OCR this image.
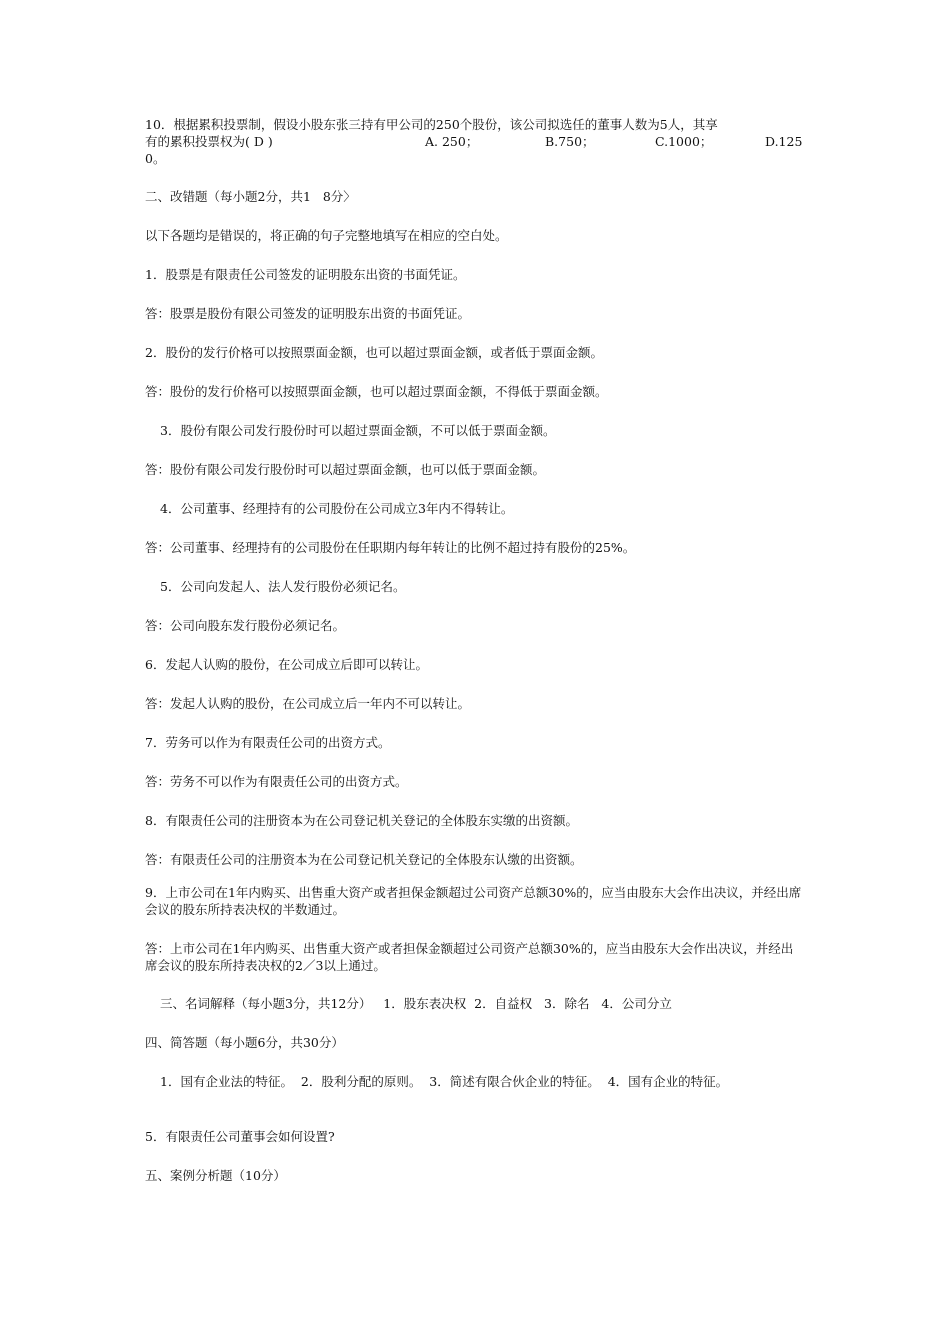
10．根据累积投票制，假设小股东张三持有甲公司的250个股份，该公司拟选任的董事人数为5人，其享
有的累积投票权为( D )	A. 250；	B.750；	C.1000；	D.125
0。
二、改错题（每小题2分，共1   8分〉
以下各题均是错误的，将正确的句子完整地填写在相应的空白处。
1．股票是有限责任公司签发的证明股东出资的书面凭证。
答：股票是股份有限公司签发的证明股东出资的书面凭证。
2．股份的发行价格可以按照票面金额，也可以超过票面金额，或者低于票面金额。
答：股份的发行价格可以按照票面金额，也可以超过票面金额，不得低于票面金额。
3．股份有限公司发行股份时可以超过票面金额，不可以低于票面金额。
答：股份有限公司发行股份时可以超过票面金额，也可以低于票面金额。
4．公司董事、经理持有的公司股份在公司成立3年内不得转让。
答：公司董事、经理持有的公司股份在任职期内每年转让的比例不超过持有股份的25%。
5．公司向发起人、法人发行股份必须记名。
答：公司向股东发行股份必须记名。
6．发起人认购的股份，在公司成立后即可以转让。
答：发起人认购的股份，在公司成立后一年内不可以转让。
7．劳务可以作为有限责任公司的出资方式。
答：劳务不可以作为有限责任公司的出资方式。
8．有限责任公司的注册资本为在公司登记机关登记的全体股东实缴的出资额。
答：有限责任公司的注册资本为在公司登记机关登记的全体股东认缴的出资额。
9．上市公司在1年内购买、出售重大资产或者担保金额超过公司资产总额30%的，应当由股东大会作出决议，并经出席会议的股东所持表决权的半数通过。
答：上市公司在1年内购买、出售重大资产或者担保金额超过公司资产总额30%的，应当由股东大会作出决议，并经出席会议的股东所持表决权的2／3以上通过。
三、名词解释（每小题3分，共12分）   1．股东表决权  2．自益权   3．除名   4．公司分立
四、简答题（每小题6分，共30分）
1．国有企业法的特征。  2．股利分配的原则。  3．简述有限合伙企业的特征。  4．国有企业的特征。
5．有限责任公司董事会如何设置?
五、案例分析题（10分）
